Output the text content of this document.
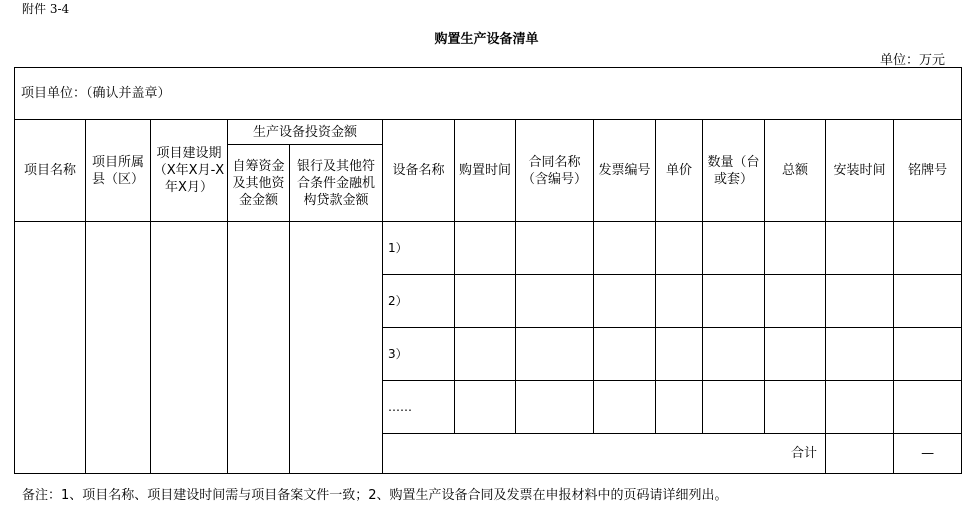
附件 3-4
购置生产设备清单
单位：万元
项目单位：（确认并盖章）														
项目名称	项目所属县（区）	项目建设期（X年X月-X年X月）	生产设备投资金额		设备名称	购置时间	合同名称（含编号）	发票编号	单价	数量（台或套）	总额	安装时间	铭牌号	
			自筹资金及其他资金金额	银行及其他符合条件金融机构贷款金额										
					1）									
					2）									
					3）									
					……									
					合计								—	
备注：1、项目名称、项目建设时间需与项目备案文件一致；2、购置生产设备合同及发票在申报材料中的页码请详细列出。
